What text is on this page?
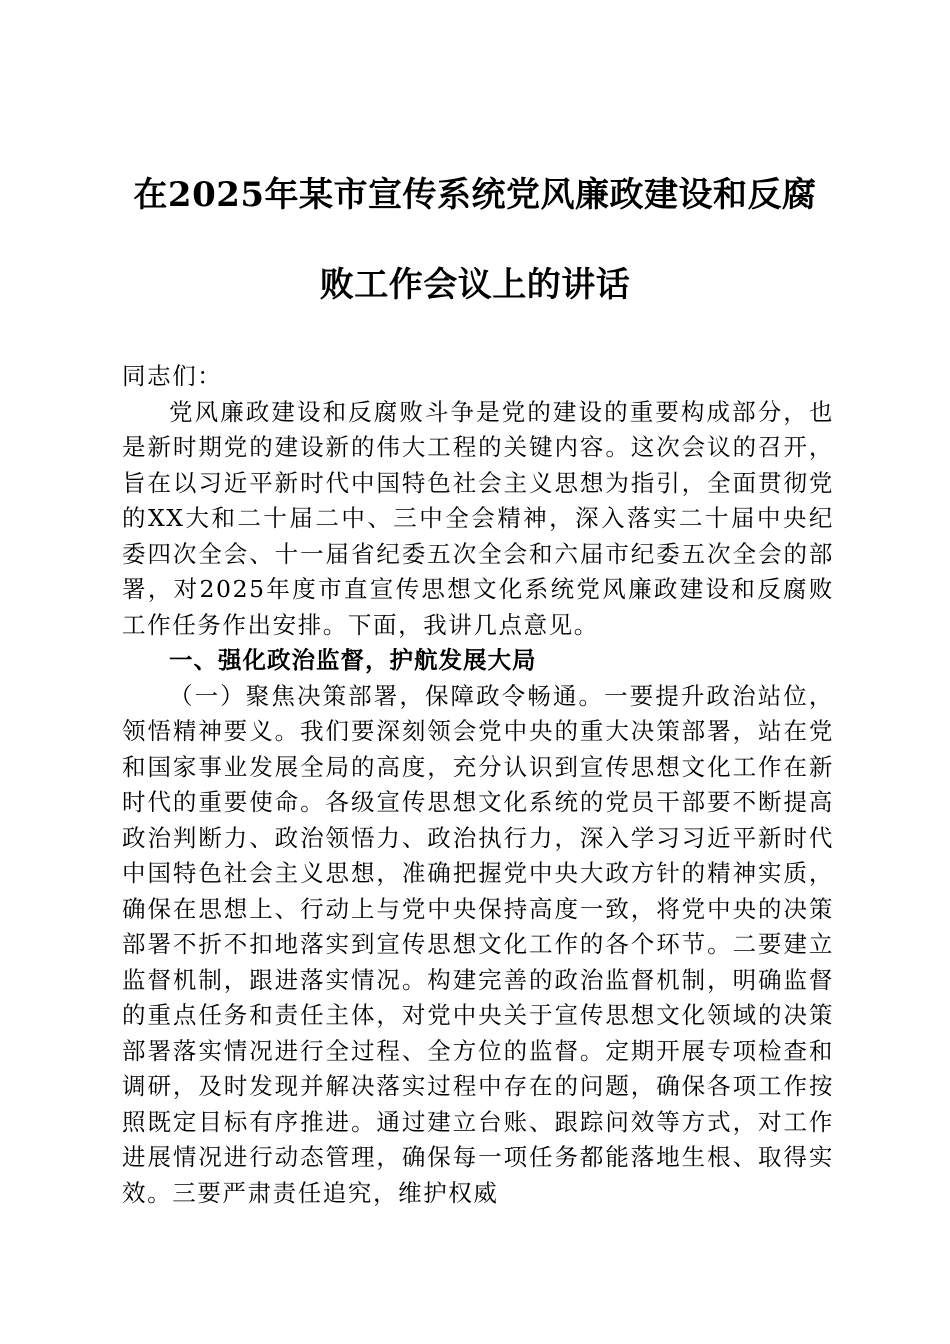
在2025年某市宣传系统党风廉政建设和反腐
败工作会议上的讲话

同志们：

党风廉政建设和反腐败斗争是党的建设的重要构成部分，也是新时期党的建设新的伟大工程的关键内容。这次会议的召开，旨在以习近平新时代中国特色社会主义思想为指引，全面贯彻党的XX大和二十届二中、三中全会精神，深入落实二十届中央纪委四次全会、十一届省纪委五次全会和六届市纪委五次全会的部署，对2025年度市直宣传思想文化系统党风廉政建设和反腐败工作任务作出安排。下面，我讲几点意见。

一、强化政治监督，护航发展大局

（一）聚焦决策部署，保障政令畅通。一要提升政治站位，领悟精神要义。我们要深刻领会党中央的重大决策部署，站在党和国家事业发展全局的高度，充分认识到宣传思想文化工作在新时代的重要使命。各级宣传思想文化系统的党员干部要不断提高政治判断力、政治领悟力、政治执行力，深入学习习近平新时代中国特色社会主义思想，准确把握党中央大政方针的精神实质，确保在思想上、行动上与党中央保持高度一致，将党中央的决策部署不折不扣地落实到宣传思想文化工作的各个环节。二要建立监督机制，跟进落实情况。构建完善的政治监督机制，明确监督的重点任务和责任主体，对党中央关于宣传思想文化领域的决策部署落实情况进行全过程、全方位的监督。定期开展专项检查和调研，及时发现并解决落实过程中存在的问题，确保各项工作按照既定目标有序推进。通过建立台账、跟踪问效等方式，对工作进展情况进行动态管理，确保每一项任务都能落地生根、取得实效。三要严肃责任追究，维护权威
